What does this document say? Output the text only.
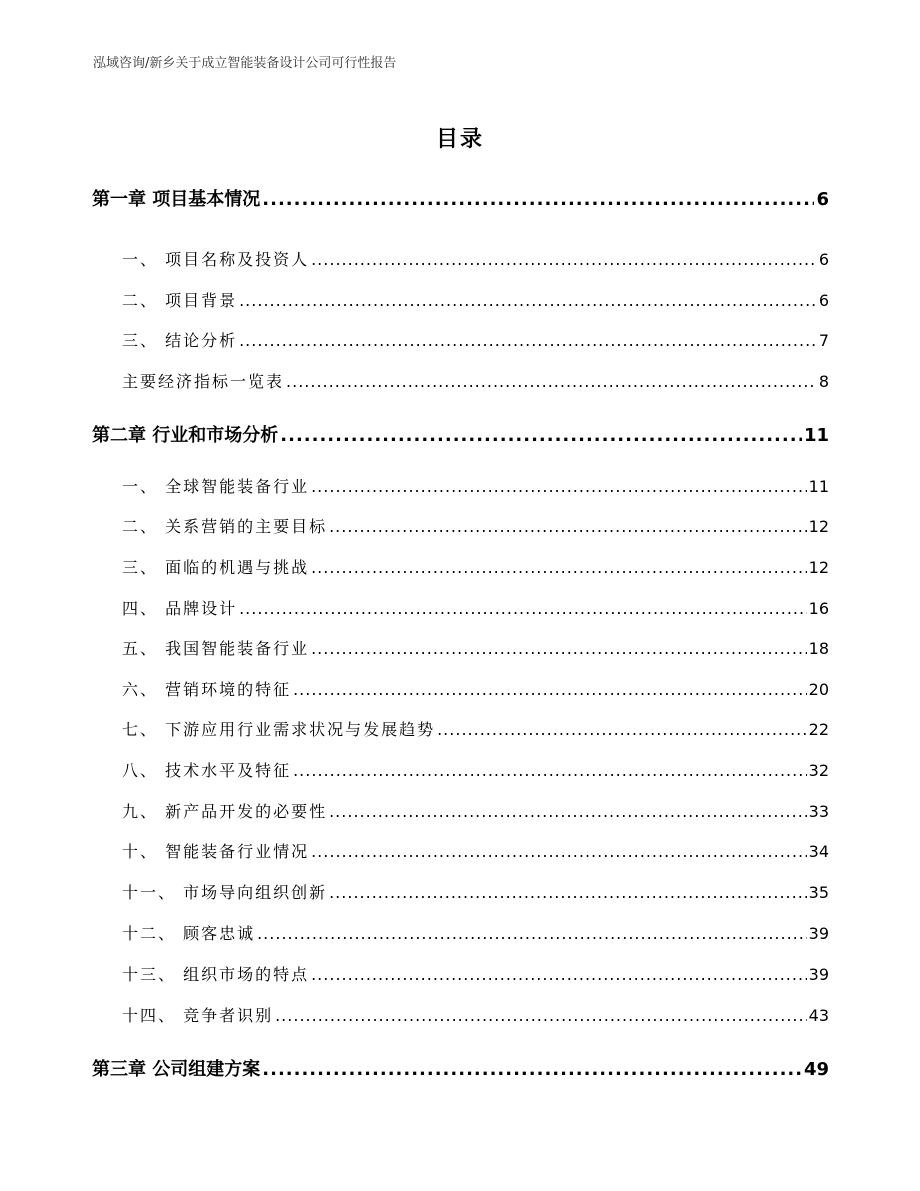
泓域咨询/新乡关于成立智能装备设计公司可行性报告
目录
第一章 项目基本情况 .....	6
一、 项目名称及投资人 .....	6
二、 项目背景 .....	6
三、 结论分析 .....	7
主要经济指标一览表 .....	8
第二章 行业和市场分析 .....	11
一、 全球智能装备行业 .....	11
二、 关系营销的主要目标 .....	12
三、 面临的机遇与挑战 .....	12
四、 品牌设计 .....	16
五、 我国智能装备行业 .....	18
六、 营销环境的特征 .....	20
七、 下游应用行业需求状况与发展趋势 .....	22
八、 技术水平及特征 .....	32
九、 新产品开发的必要性 .....	33
十、 智能装备行业情况 .....	34
十一、 市场导向组织创新 .....	35
十二、 顾客忠诚 .....	39
十三、 组织市场的特点 .....	39
十四、 竞争者识别 .....	43
第三章 公司组建方案 .....	49
